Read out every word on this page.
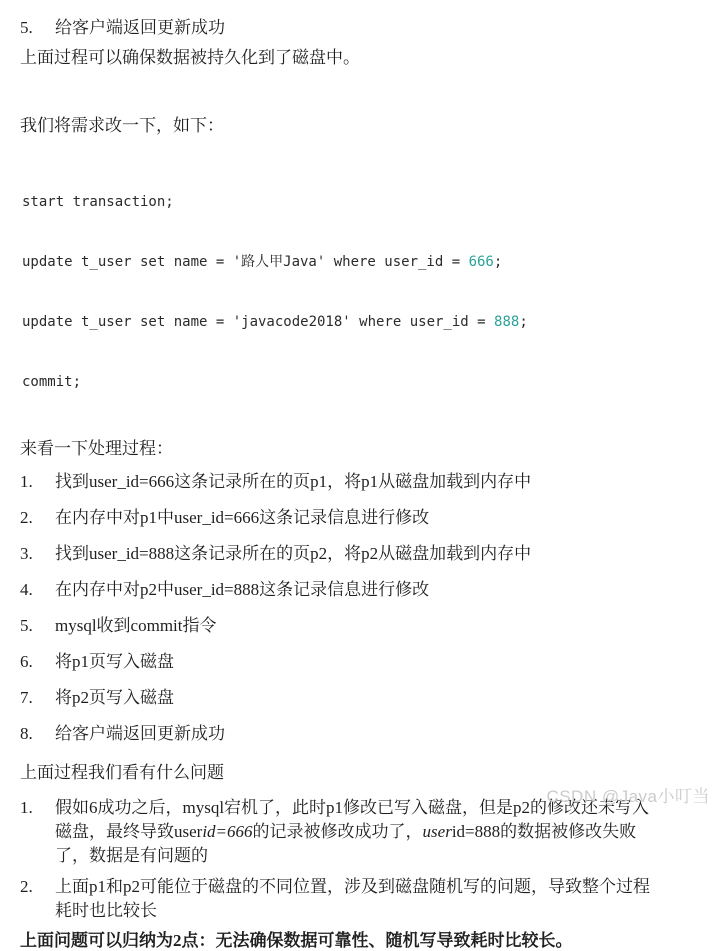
5.	给客户端返回更新成功

上面过程可以确保数据被持久化到了磁盘中。

我们将需求改一下，如下：

start transaction;

update t_user set name = '路人甲Java' where user_id = 666;

update t_user set name = 'javacode2018' where user_id = 888;

commit;

来看一下处理过程：

1.	找到user_id=666这条记录所在的页p1，将p1从磁盘加载到内存中
2.	在内存中对p1中user_id=666这条记录信息进行修改
3.	找到user_id=888这条记录所在的页p2，将p2从磁盘加载到内存中
4.	在内存中对p2中user_id=888这条记录信息进行修改
5.	mysql收到commit指令
6.	将p1页写入磁盘
7.	将p2页写入磁盘
8.	给客户端返回更新成功

上面过程我们看有什么问题

1.	假如6成功之后，mysql宕机了，此时p1修改已写入磁盘，但是p2的修改还未写入磁盘，最终导致userid=666的记录被修改成功了，userid=888的数据被修改失败了，数据是有问题的
2.	上面p1和p2可能位于磁盘的不同位置，涉及到磁盘随机写的问题，导致整个过程耗时也比较长

上面问题可以归纳为2点：无法确保数据可靠性、随机写导致耗时比较长。

CSDN @Java小叮当
